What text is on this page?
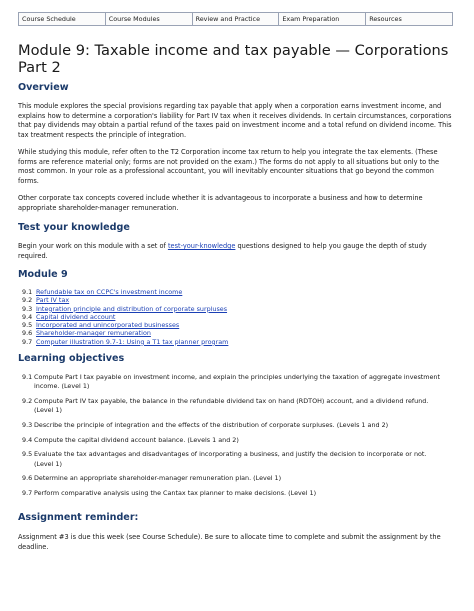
Course Schedule	Course Modules	Review and Practice	Exam Preparation	Resources
Module 9: Taxable income and tax payable — Corporations Part 2
Overview

This module explores the special provisions regarding tax payable that apply when a corporation earns investment income, and explains how to determine a corporation's liability for Part IV tax when it receives dividends. In certain circumstances, corporations that pay dividends may obtain a partial refund of the taxes paid on investment income and a total refund on dividend income. This tax treatment respects the principle of integration.

While studying this module, refer often to the T2 Corporation income tax return to help you integrate the tax elements. (These forms are reference material only; forms are not provided on the exam.) The forms do not apply to all situations but only to the most common. In your role as a professional accountant, you will inevitably encounter situations that go beyond the common forms.

Other corporate tax concepts covered include whether it is advantageous to incorporate a business and how to determine appropriate shareholder-manager remuneration.

Test your knowledge

Begin your work on this module with a set of test-your-knowledge questions designed to help you gauge the depth of study required.

Module 9
9.1 Refundable tax on CCPC's investment income
9.2 Part IV tax
9.3 Integration principle and distribution of corporate surpluses
9.4 Capital dividend account
9.5 Incorporated and unincorporated businesses
9.6 Shareholder-manager remuneration
9.7 Computer illustration 9.7-1: Using a T1 tax planner program
Learning objectives
9.1 Compute Part I tax payable on investment income, and explain the principles underlying the taxation of aggregate investment income. (Level 1)
9.2 Compute Part IV tax payable, the balance in the refundable dividend tax on hand (RDTOH) account, and a dividend refund. (Level 1)
9.3 Describe the principle of integration and the effects of the distribution of corporate surpluses. (Levels 1 and 2)
9.4 Compute the capital dividend account balance. (Levels 1 and 2)
9.5 Evaluate the tax advantages and disadvantages of incorporating a business, and justify the decision to incorporate or not. (Level 1)
9.6 Determine an appropriate shareholder-manager remuneration plan. (Level 1)
9.7 Perform comparative analysis using the Cantax tax planner to make decisions. (Level 1)
Assignment reminder:

Assignment #3 is due this week (see Course Schedule). Be sure to allocate time to complete and submit the assignment by the deadline.
